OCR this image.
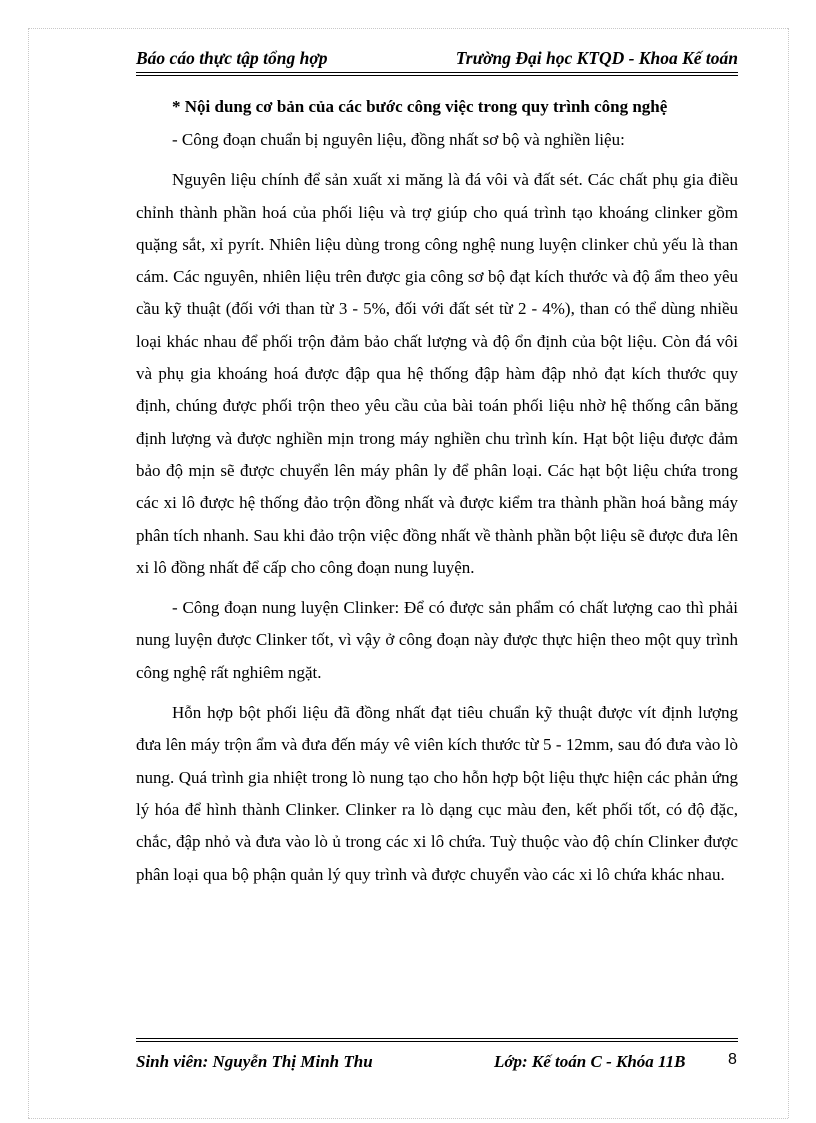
Báo cáo thực tập tổng hợp	Trường Đại học KTQD - Khoa Kế toán

* Nội dung cơ bản của các bước công việc trong quy trình công nghệ

- Công đoạn chuẩn bị nguyên liệu, đồng nhất sơ bộ và nghiền liệu:

Nguyên liệu chính để sản xuất xi măng là đá vôi và đất sét. Các chất phụ gia điều chỉnh thành phần hoá của phối liệu và trợ giúp cho quá trình tạo khoáng clinker gồm quặng sắt, xỉ pyrít. Nhiên liệu dùng trong công nghệ nung luyện clinker chủ yếu là than cám. Các nguyên, nhiên liệu trên được gia công sơ bộ đạt kích thước và độ ẩm theo yêu cầu kỹ thuật (đối với than từ 3 - 5%, đối với đất sét từ 2 - 4%), than có thể dùng nhiều loại khác nhau để phối trộn đảm bảo chất lượng và độ ổn định của bột liệu. Còn đá vôi và phụ gia khoáng hoá được đập qua hệ thống đập hàm đập nhỏ đạt kích thước quy định, chúng được phối trộn theo yêu cầu của bài toán phối liệu nhờ hệ thống cân băng định lượng và được nghiền mịn trong máy nghiền chu trình kín. Hạt bột liệu được đảm bảo độ mịn sẽ được chuyển lên máy phân ly để phân loại. Các hạt bột liệu chứa trong các xi lô được hệ thống đảo trộn đồng nhất và được kiểm tra thành phần hoá bằng máy phân tích nhanh. Sau khi đảo trộn việc đồng nhất về thành phần bột liệu sẽ được đưa lên xi lô đồng nhất để cấp cho công đoạn nung luyện.

- Công đoạn nung luyện Clinker: Để có được sản phẩm có chất lượng cao thì phải nung luyện được Clinker tốt, vì vậy ở công đoạn này được thực hiện theo một quy trình công nghệ rất nghiêm ngặt.

Hỗn hợp bột phối liệu đã đồng nhất đạt tiêu chuẩn kỹ thuật được vít định lượng đưa lên máy trộn ẩm và đưa đến máy vê viên kích thước từ 5 - 12mm, sau đó đưa vào lò nung. Quá trình gia nhiệt trong lò nung tạo cho hỗn hợp bột liệu thực hiện các phản ứng lý hóa để hình thành Clinker. Clinker ra lò dạng cục màu đen, kết phối tốt, có độ đặc, chắc, đập nhỏ và đưa vào lò ủ trong các xi lô chứa. Tuỳ thuộc vào độ chín Clinker được phân loại qua bộ phận quản lý quy trình và được chuyển vào các xi lô chứa khác nhau.

Sinh viên: Nguyễn Thị Minh Thu	Lớp: Kế toán C - Khóa 11B	8
